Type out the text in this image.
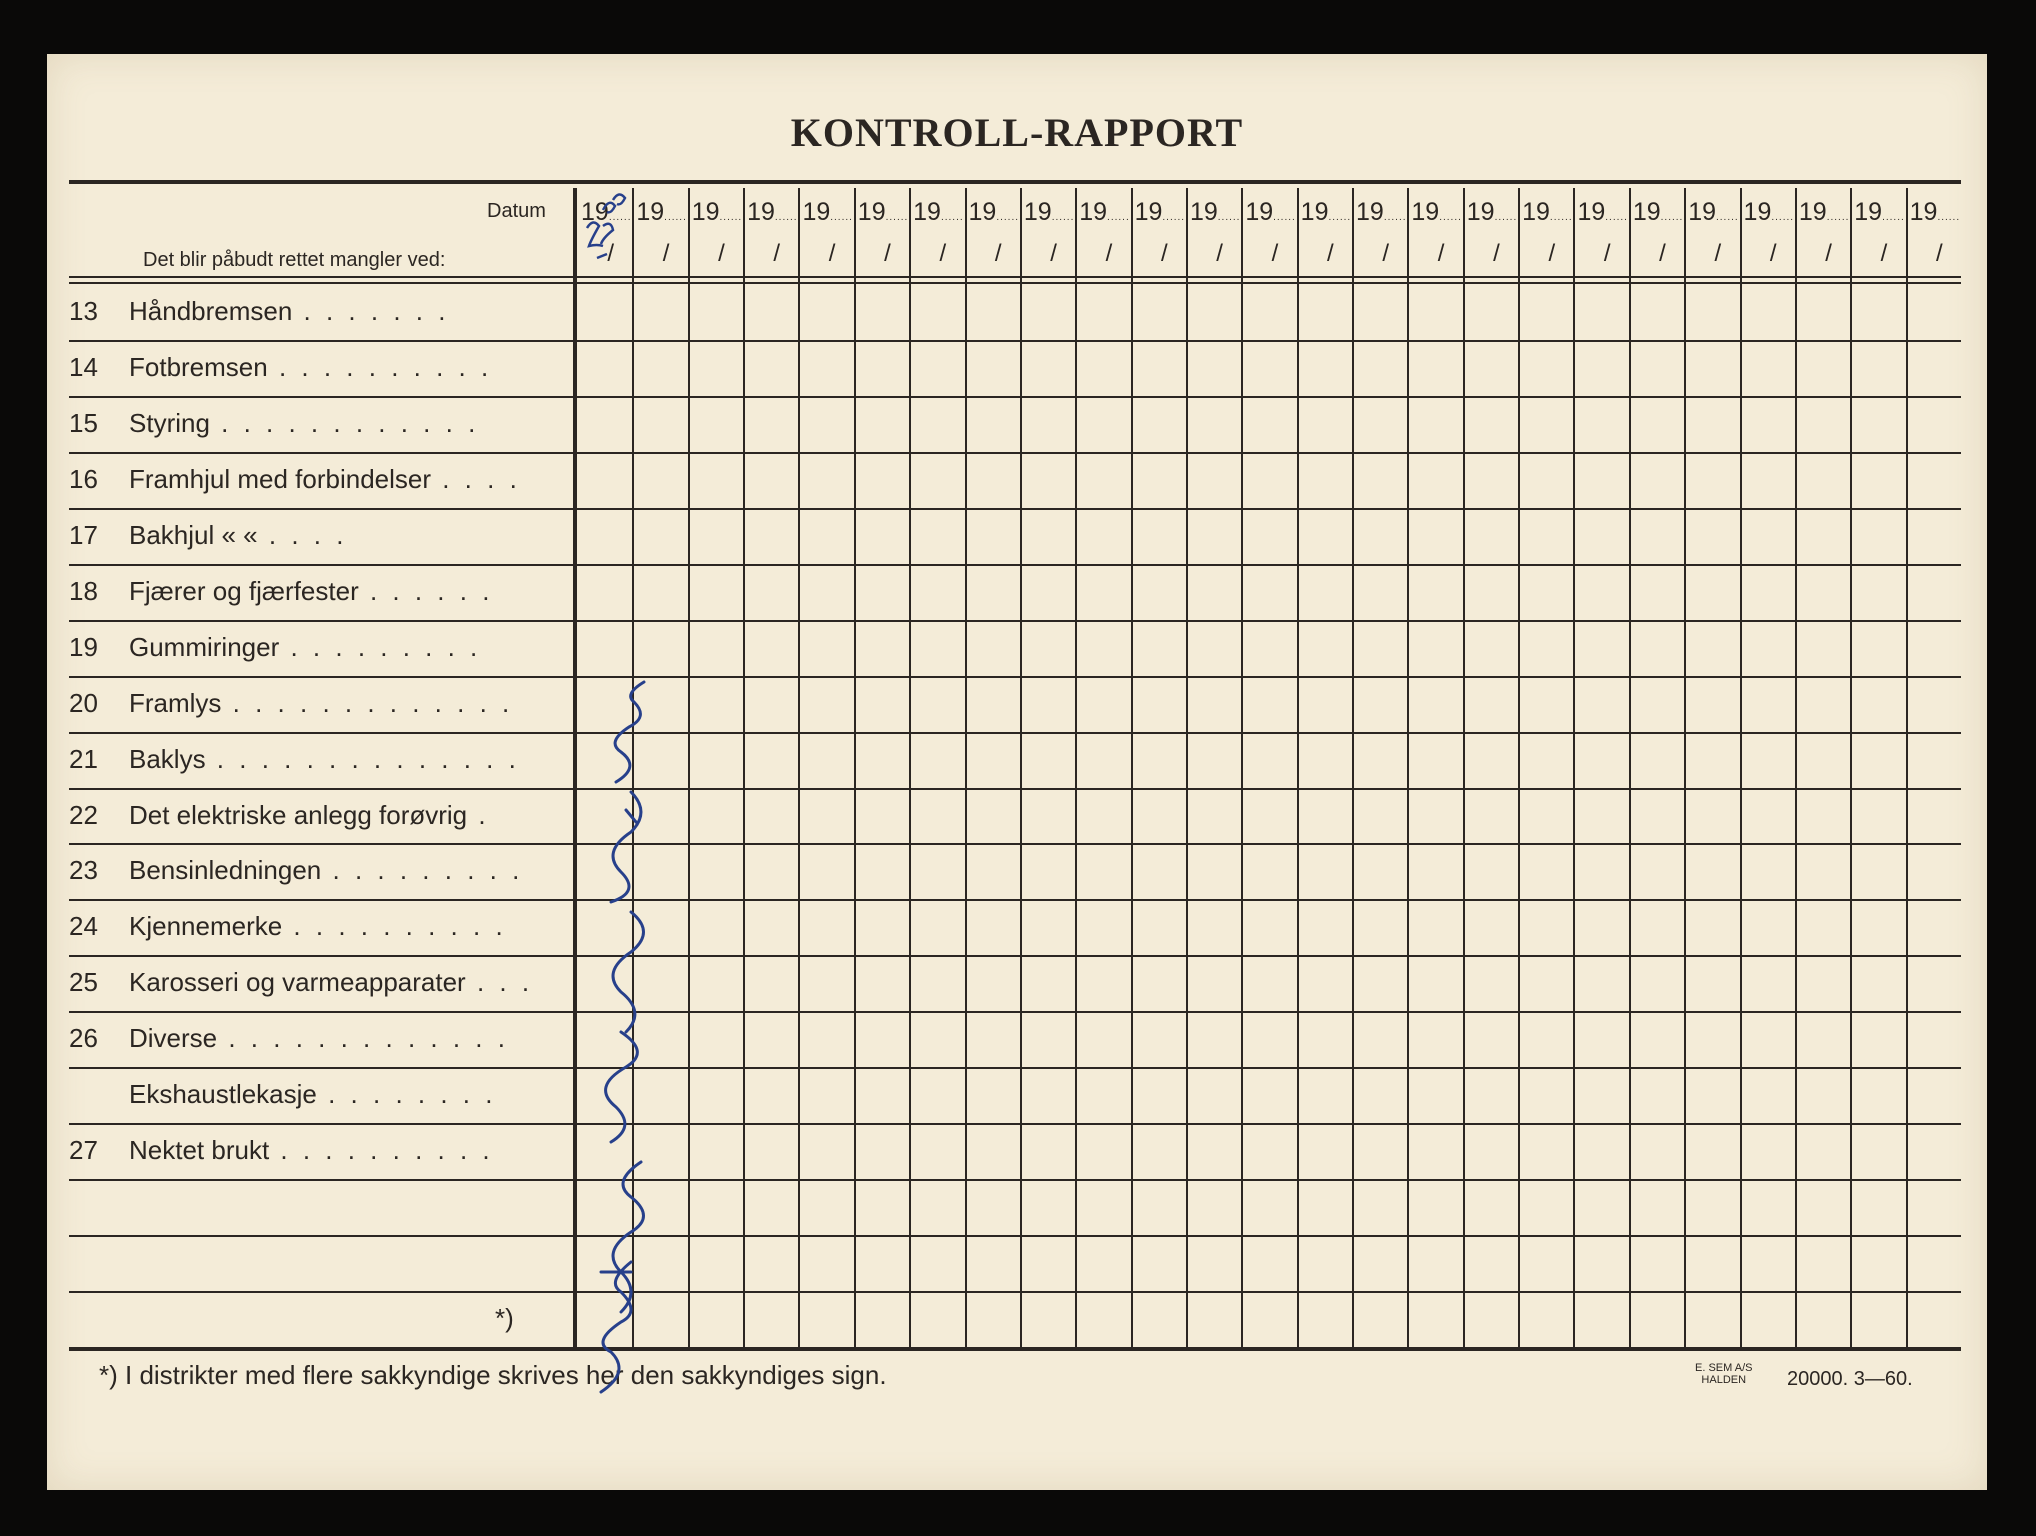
KONTROLL-RAPPORT
Datum
Det blir påbudt rettet mangler ved:
19...... 19...... 19...... 19...... 19...... 19...... 19...... 19...... 19...... 19...... 19...... 19...... 19...... 19...... 19...... 19...... 19...... 19...... 19...... 19...... 19...... 19...... 19...... 19...... 19......
/	/	/	/	/	/	/	/	/	/	/	/	/	/	/	/	/	/	/	/	/	/	/	/	/
13	Håndbremsen . . . . . . .
14	Fotbremsen . . . . . . . . . .
15	Styring . . . . . . . . . . . .
16	Framhjul med forbindelser . . . .
17	Bakhjul « « . . . .
18	Fjærer og fjærfester . . . . . .
19	Gummiringer . . . . . . . . .
20	Framlys . . . . . . . . . . . . .
21	Baklys . . . . . . . . . . . . . .
22	Det elektriske anlegg forøvrig .
23	Bensinledningen . . . . . . . . .
24	Kjennemerke . . . . . . . . . .
25	Karosseri og varmeapparater . . .
26	Diverse . . . . . . . . . . . . .
Ekshaustlekasje . . . . . . . .
27	Nektet brukt . . . . . . . . . .
*)
*) I distrikter med flere sakkyndige skrives her den sakkyndiges sign.	E. SEM A/S
HALDEN	20000. 3—60.
